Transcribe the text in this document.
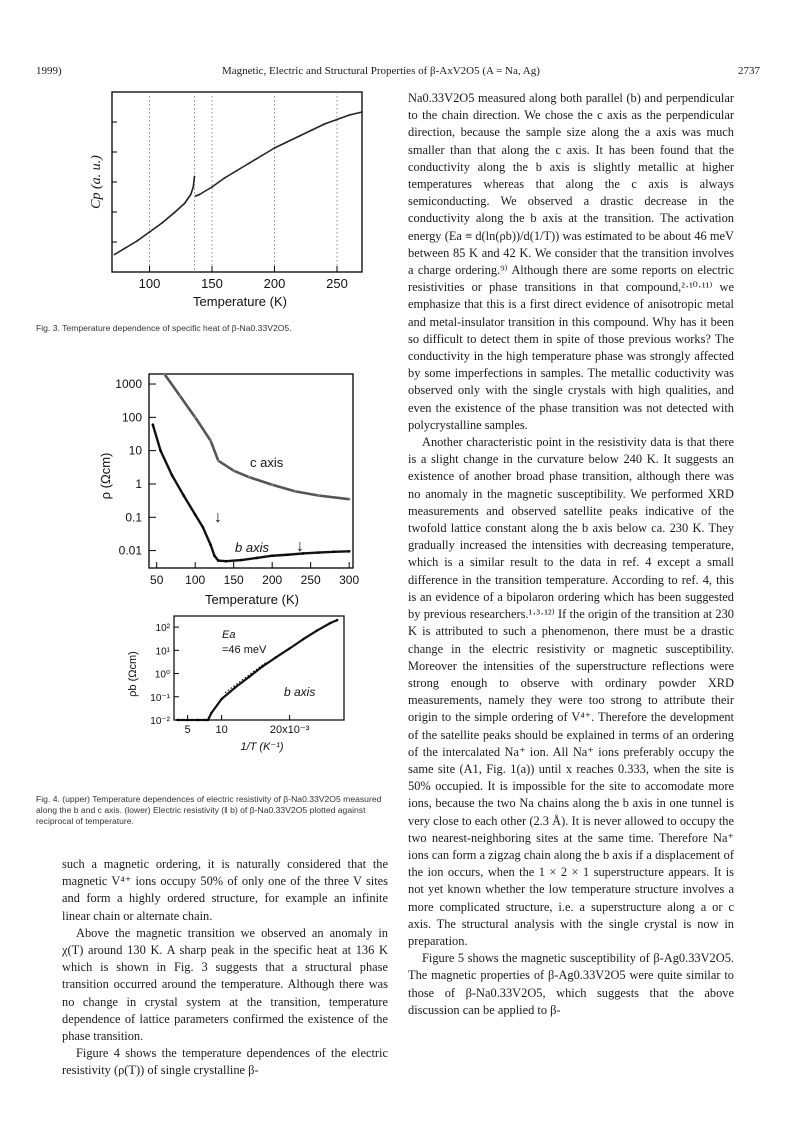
1999)	Magnetic, Electric and Structural Properties of β-AxV2O5 (A = Na, Ag)	2737
Cp (a. u.)
100	150	200	250
Temperature (K)
Fig. 3. Temperature dependence of specific heat of β-Na0.33V2O5.
ρ (Ωcm)
1000
100
10
1
0.1
0.01
50 100 150 200 250 300
Temperature (K)
c axis
b axis
↓
↓
ρb (Ωcm)
10²
10¹
10⁰
10⁻¹
10⁻²
5 10	20x10⁻³
1/T (K⁻¹)
Ea
=46 meV
b axis
Fig. 4. (upper) Temperature dependences of electric resistivity of β-Na0.33V2O5 measured along the b and c axis. (lower) Electric resistivity (‖ b) of β-Na0.33V2O5 plotted against reciprocal of temperature.

such a magnetic ordering, it is naturally considered that the magnetic V⁴⁺ ions occupy 50% of only one of the three V sites and form a highly ordered structure, for example an infinite linear chain or alternate chain.

Above the magnetic transition we observed an anomaly in χ(T) around 130 K. A sharp peak in the specific heat at 136 K which is shown in Fig. 3 suggests that a structural phase transition occurred around the temperature. Although there was no change in crystal system at the transition, temperature dependence of lattice parameters confirmed the existence of the phase transition.

Figure 4 shows the temperature dependences of the electric resistivity (ρ(T)) of single crystalline β-

Na0.33V2O5 measured along both parallel (b) and perpendicular to the chain direction. We chose the c axis as the perpendicular direction, because the sample size along the a axis was much smaller than that along the c axis. It has been found that the conductivity along the b axis is slightly metallic at higher temperatures whereas that along the c axis is always semiconducting. We observed a drastic decrease in the conductivity along the b axis at the transition. The activation energy (Ea ≡ d(ln(ρb))/d(1/T)) was estimated to be about 46 meV between 85 K and 42 K. We consider that the transition involves a charge ordering.⁹⁾ Although there are some reports on electric resistivities or phase transitions in that compound,²·¹⁰·¹¹⁾ we emphasize that this is a first direct evidence of anisotropic metal and metal-insulator transition in this compound. Why has it been so difficult to detect them in spite of those previous works? The conductivity in the high temperature phase was strongly affected by some imperfections in samples. The metallic coductivity was observed only with the single crystals with high qualities, and even the existence of the phase transition was not detected with polycrystalline samples.

Another characteristic point in the resistivity data is that there is a slight change in the curvature below 240 K. It suggests an existence of another broad phase transition, although there was no anomaly in the magnetic susceptibility. We performed XRD measurements and observed satellite peaks indicative of the twofold lattice constant along the b axis below ca. 230 K. They gradually increased the intensities with decreasing temperature, which is a similar result to the data in ref. 4 except a small difference in the transition temperature. According to ref. 4, this is an evidence of a bipolaron ordering which has been suggested by previous researchers.¹·³·¹²⁾ If the origin of the transition at 230 K is attributed to such a phenomenon, there must be a drastic change in the electric resistivity or magnetic susceptibility. Moreover the intensities of the superstructure reflections were strong enough to observe with ordinary powder XRD measurements, namely they were too strong to attribute their origin to the simple ordering of V⁴⁺. Therefore the development of the satellite peaks should be explained in terms of an ordering of the intercalated Na⁺ ion. All Na⁺ ions preferably occupy the same site (A1, Fig. 1(a)) until x reaches 0.333, when the site is 50% occupied. It is impossible for the site to accomodate more ions, because the two Na chains along the b axis in one tunnel is very close to each other (2.3 Å). It is never allowed to occupy the two nearest-neighboring sites at the same time. Therefore Na⁺ ions can form a zigzag chain along the b axis if a displacement of the ion occurs, when the 1 × 2 × 1 superstructure appears. It is not yet known whether the low temperature structure involves a more complicated structure, i.e. a superstructure along a or c axis. The structural analysis with the single crystal is now in preparation.

Figure 5 shows the magnetic susceptibility of β-Ag0.33V2O5. The magnetic properties of β-Ag0.33V2O5 were quite similar to those of β-Na0.33V2O5, which suggests that the above discussion can be applied to β-
